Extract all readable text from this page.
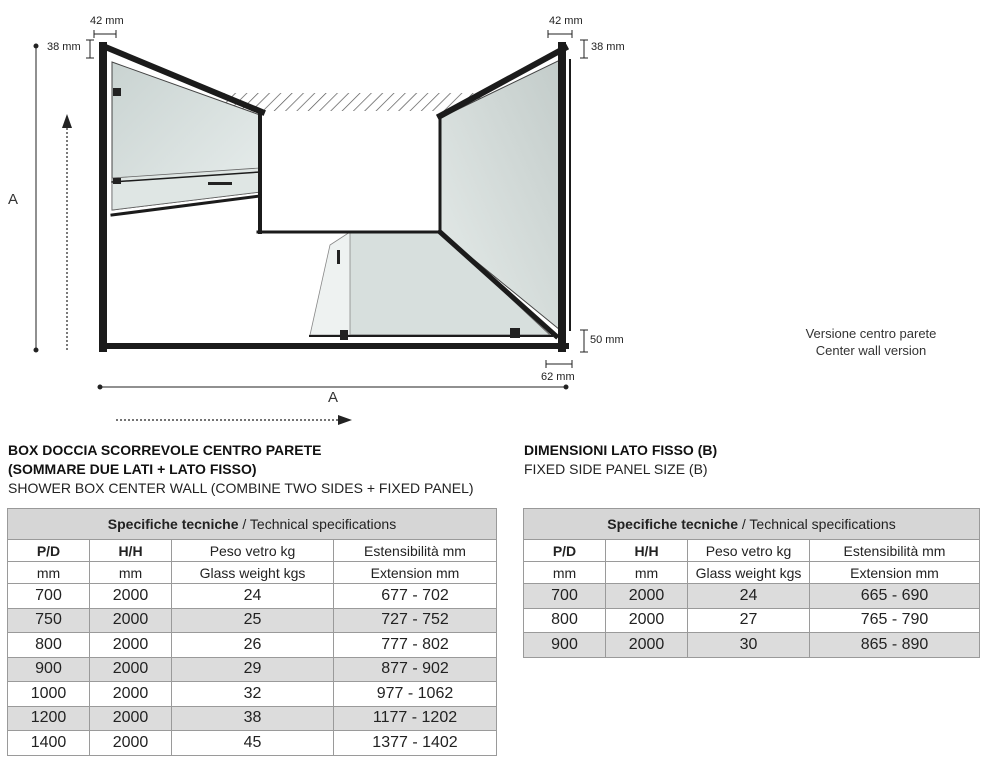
42 mm	42 mm
38 mm	38 mm
50 mm
62 mm
A
A
Versione centro parete
Center wall version
BOX DOCCIA SCORREVOLE CENTRO PARETE
(SOMMARE DUE LATI + LATO FISSO)
SHOWER BOX CENTER WALL (COMBINE TWO SIDES + FIXED PANEL)
Specifiche tecniche / Technical specifications			
P/D	H/H	Peso vetro kg	Estensibilità mm
mm	mm	Glass weight kgs	Extension mm
700	2000	24	677 - 702
750	2000	25	727 - 752
800	2000	26	777 - 802
900	2000	29	877 - 902
1000	2000	32	977 - 1062
1200	2000	38	1177 - 1202
1400	2000	45	1377 - 1402
DIMENSIONI LATO FISSO (B)
FIXED SIDE PANEL SIZE (B)
Specifiche tecniche / Technical specifications			
P/D	H/H	Peso vetro kg	Estensibilità mm
mm	mm	Glass weight kgs	Extension mm
700	2000	24	665 - 690
800	2000	27	765 - 790
900	2000	30	865 - 890
